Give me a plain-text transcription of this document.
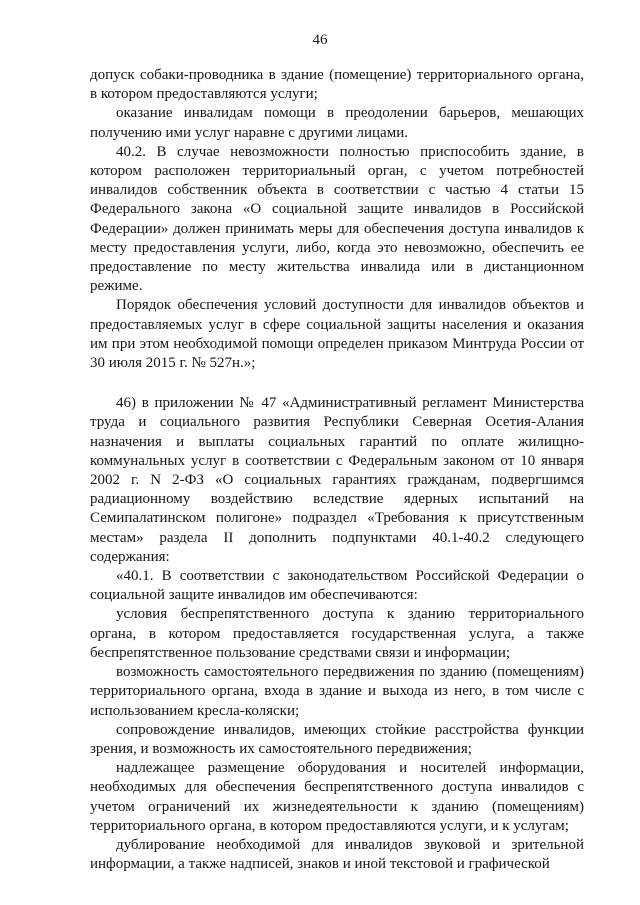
46

допуск собаки-проводника в здание (помещение) территориального органа, в котором предоставляются услуги;

оказание инвалидам помощи в преодолении барьеров, мешающих получению ими услуг наравне с другими лицами.

40.2. В случае невозможности полностью приспособить здание, в котором расположен территориальный орган, с учетом потребностей инвалидов собственник объекта в соответствии с частью 4 статьи 15 Федерального закона «О социальной защите инвалидов в Российской Федерации» должен принимать меры для обеспечения доступа инвалидов к месту предоставления услуги, либо, когда это невозможно, обеспечить ее предоставление по месту жительства инвалида или в дистанционном режиме.

Порядок обеспечения условий доступности для инвалидов объектов и предоставляемых услуг в сфере социальной защиты населения и оказания им при этом необходимой помощи определен приказом Минтруда России от 30 июля 2015 г. № 527н.»;

46) в приложении № 47 «Административный регламент Министерства труда и социального развития Республики Северная Осетия-Алания назначения и выплаты социальных гарантий по оплате жилищно-коммунальных услуг в соответствии с Федеральным законом от 10 января 2002 г. N 2-ФЗ «О социальных гарантиях гражданам, подвергшимся радиационному воздействию вследствие ядерных испытаний на Семипалатинском полигоне» подраздел «Требования к присутственным местам» раздела II дополнить подпунктами 40.1-40.2 следующего содержания:

«40.1. В соответствии с законодательством Российской Федерации о социальной защите инвалидов им обеспечиваются:

условия беспрепятственного доступа к зданию территориального органа, в котором предоставляется государственная услуга, а также беспрепятственное пользование средствами связи и информации;

возможность самостоятельного передвижения по зданию (помещениям) территориального органа, входа в здание и выхода из него, в том числе с использованием кресла-коляски;

сопровождение инвалидов, имеющих стойкие расстройства функции зрения, и возможность их самостоятельного передвижения;

надлежащее размещение оборудования и носителей информации, необходимых для обеспечения беспрепятственного доступа инвалидов с учетом ограничений их жизнедеятельности к зданию (помещениям) территориального органа, в котором предоставляются услуги, и к услугам;

дублирование необходимой для инвалидов звуковой и зрительной информации, а также надписей, знаков и иной текстовой и графической
